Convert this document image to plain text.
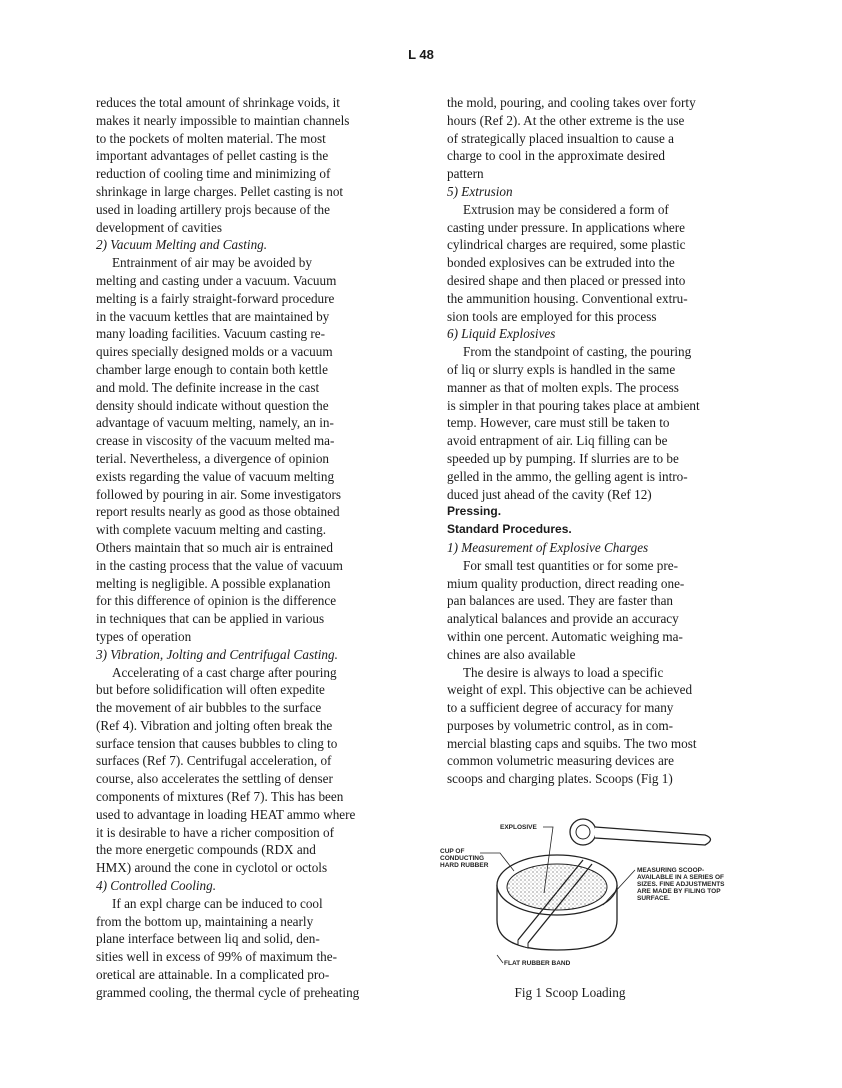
L 48
reduces the total amount of shrinkage voids, it
makes it nearly impossible to maintian channels
to the pockets of molten material. The most
important advantages of pellet casting is the
reduction of cooling time and minimizing of
shrinkage in large charges. Pellet casting is not
used in loading artillery projs because of the
development of cavities
2) Vacuum Melting and Casting.
Entrainment of air may be avoided by
melting and casting under a vacuum. Vacuum
melting is a fairly straight-forward procedure
in the vacuum kettles that are maintained by
many loading facilities. Vacuum casting re-
quires specially designed molds or a vacuum
chamber large enough to contain both kettle
and mold. The definite increase in the cast
density should indicate without question the
advantage of vacuum melting, namely, an in-
crease in viscosity of the vacuum melted ma-
terial. Nevertheless, a divergence of opinion
exists regarding the value of vacuum melting
followed by pouring in air. Some investigators
report results nearly as good as those obtained
with complete vacuum melting and casting.
Others maintain that so much air is entrained
in the casting process that the value of vacuum
melting is negligible. A possible explanation
for this difference of opinion is the difference
in techniques that can be applied in various
types of operation
3) Vibration, Jolting and Centrifugal Casting.
Accelerating of a cast charge after pouring
but before solidification will often expedite
the movement of air bubbles to the surface
(Ref 4). Vibration and jolting often break the
surface tension that causes bubbles to cling to
surfaces (Ref 7). Centrifugal acceleration, of
course, also accelerates the settling of denser
components of mixtures (Ref 7). This has been
used to advantage in loading HEAT ammo where
it is desirable to have a richer composition of
the more energetic compounds (RDX and
HMX) around the cone in cyclotol or octols
4) Controlled Cooling.
If an expl charge can be induced to cool
from the bottom up, maintaining a nearly
plane interface between liq and solid, den-
sities well in excess of 99% of maximum the-
oretical are attainable. In a complicated pro-
grammed cooling, the thermal cycle of preheating
the mold, pouring, and cooling takes over forty
hours (Ref 2). At the other extreme is the use
of strategically placed insualtion to cause a
charge to cool in the approximate desired
pattern
5) Extrusion
Extrusion may be considered a form of
casting under pressure. In applications where
cylindrical charges are required, some plastic
bonded explosives can be extruded into the
desired shape and then placed or pressed into
the ammunition housing. Conventional extru-
sion tools are employed for this process
6) Liquid Explosives
From the standpoint of casting, the pouring
of liq or slurry expls is handled in the same
manner as that of molten expls. The process
is simpler in that pouring takes place at ambient
temp. However, care must still be taken to
avoid entrapment of air. Liq filling can be
speeded up by pumping. If slurries are to be
gelled in the ammo, the gelling agent is intro-
duced just ahead of the cavity (Ref 12)
Pressing.
Standard Procedures.
1) Measurement of Explosive Charges
For small test quantities or for some pre-
mium quality production, direct reading one-
pan balances are used. They are faster than
analytical balances and provide an accuracy
within one percent. Automatic weighing ma-
chines are also available
The desire is always to load a specific
weight of expl. This objective can be achieved
to a sufficient degree of accuracy for many
purposes by volumetric control, as in com-
mercial blasting caps and squibs. The two most
common volumetric measuring devices are
scoops and charging plates. Scoops (Fig 1)
EXPLOSIVE
CUP OF
CONDUCTING
HARD RUBBER
MEASURING SCOOP-
AVAILABLE IN A SERIES OF
SIZES. FINE ADJUSTMENTS
ARE MADE BY FILING TOP
SURFACE.
FLAT RUBBER BAND
Fig 1 Scoop Loading
